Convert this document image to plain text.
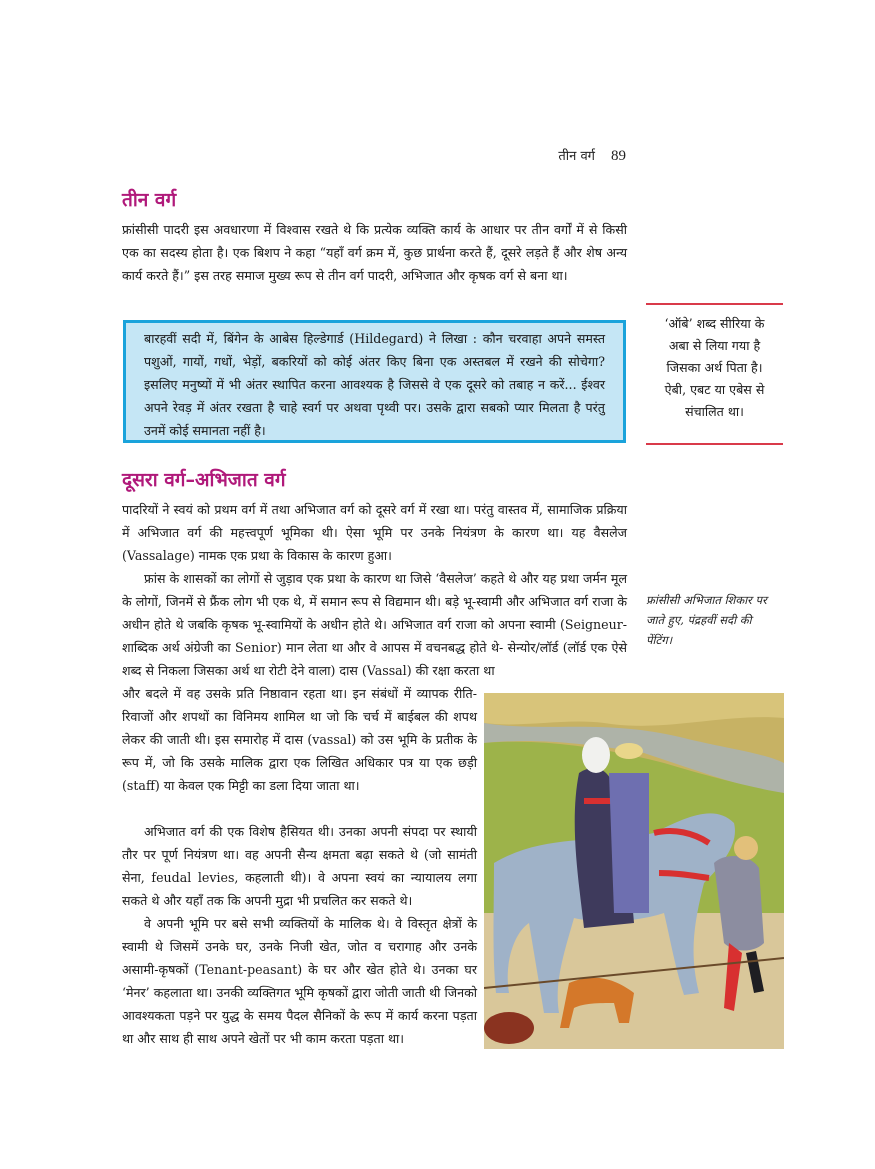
तीन वर्ग 89
तीन वर्ग

फ्रांसीसी पादरी इस अवधारणा में विश्वास रखते थे कि प्रत्येक व्यक्ति कार्य के आधार पर तीन वर्गों में से किसी एक का सदस्य होता है। एक बिशप ने कहा “यहाँ वर्ग क्रम में, कुछ प्रार्थना करते हैं, दूसरे लड़ते हैं और शेष अन्य कार्य करते हैं।” इस तरह समाज मुख्य रूप से तीन वर्ग पादरी, अभिजात और कृषक वर्ग से बना था।

बारहवीं सदी में, बिंगेन के आबेस हिल्डेगार्ड (Hildegard) ने लिखा : कौन चरवाहा अपने समस्त पशुओं, गायों, गधों, भेड़ों, बकरियों को कोई अंतर किए बिना एक अस्तबल में रखने की सोचेगा? इसलिए मनुष्यों में भी अंतर स्थापित करना आवश्यक है जिससे वे एक दूसरे को तबाह न करें... ईश्वर अपने रेवड़ में अंतर रखता है चाहे स्वर्ग पर अथवा पृथ्वी पर। उसके द्वारा सबको प्यार मिलता है परंतु उनमें कोई समानता नहीं है।
‘ऑबे’ शब्द सीरिया के अबा से लिया गया है जिसका अर्थ पिता है। ऐबी, एबट या एबेस से संचालित था।
दूसरा वर्ग–अभिजात वर्ग

पादरियों ने स्वयं को प्रथम वर्ग में तथा अभिजात वर्ग को दूसरे वर्ग में रखा था। परंतु वास्तव में, सामाजिक प्रक्रिया में अभिजात वर्ग की महत्त्वपूर्ण भूमिका थी। ऐसा भूमि पर उनके नियंत्रण के कारण था। यह वैसलेज (Vassalage) नामक एक प्रथा के विकास के कारण हुआ।

फ्रांस के शासकों का लोगों से जुड़ाव एक प्रथा के कारण था जिसे ‘वैसलेज’ कहते थे और यह प्रथा जर्मन मूल के लोगों, जिनमें से फ्रैंक लोग भी एक थे, में समान रूप से विद्यमान थी। बड़े भू-स्वामी और अभिजात वर्ग राजा के अधीन होते थे जबकि कृषक भू-स्वामियों के अधीन होते थे। अभिजात वर्ग राजा को अपना स्वामी (Seigneur-शाब्दिक अर्थ अंग्रेजी का Senior) मान लेता था और वे आपस में वचनबद्ध होते थे- सेन्योर/लॉर्ड (लॉर्ड एक ऐसे शब्द से निकला जिसका अर्थ था रोटी देने वाला) दास (Vassal) की रक्षा करता था

और बदले में वह उसके प्रति निष्ठावान रहता था। इन संबंधों में व्यापक रीति-रिवाजों और शपथों का विनिमय शामिल था जो कि चर्च में बाईबल की शपथ लेकर की जाती थी। इस समारोह में दास (vassal) को उस भूमि के प्रतीक के रूप में, जो कि उसके मालिक द्वारा एक लिखित अधिकार पत्र या एक छड़ी (staff) या केवल एक मिट्टी का डला दिया जाता था।

अभिजात वर्ग की एक विशेष हैसियत थी। उनका अपनी संपदा पर स्थायी तौर पर पूर्ण नियंत्रण था। वह अपनी सैन्य क्षमता बढ़ा सकते थे (जो सामंती सेना, feudal levies, कहलाती थी)। वे अपना स्वयं का न्यायालय लगा सकते थे और यहाँ तक कि अपनी मुद्रा भी प्रचलित कर सकते थे।

वे अपनी भूमि पर बसे सभी व्यक्तियों के मालिक थे। वे विस्तृत क्षेत्रों के स्वामी थे जिसमें उनके घर, उनके निजी खेत, जोत व चरागाह और उनके असामी-कृषकों (Tenant-peasant) के घर और खेत होते थे। उनका घर ‘मेनर’ कहलाता था। उनकी व्यक्तिगत भूमि कृषकों द्वारा जोती जाती थी जिनको आवश्यकता पड़ने पर युद्ध के समय पैदल सैनिकों के रूप में कार्य करना पड़ता था और साथ ही साथ अपने खेतों पर भी काम करता पड़ता था।

फ्रांसीसी अभिजात शिकार पर जाते हुए, पंद्रहवीं सदी की पेंटिंग।
